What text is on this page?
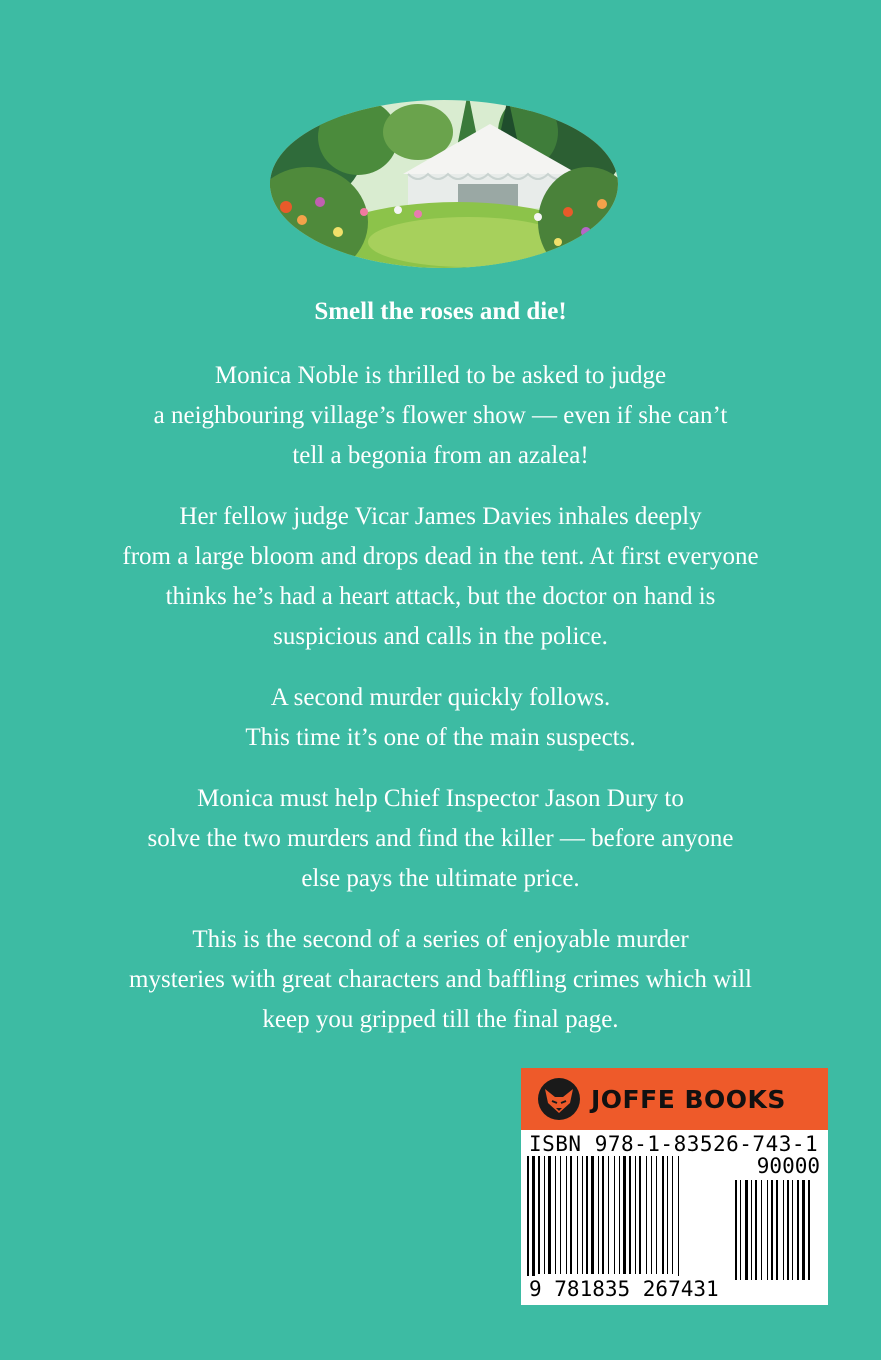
Smell the roses and die!
Monica Noble is thrilled to be asked to judge
a neighbouring village’s flower show — even if she can’t
tell a begonia from an azalea!
Her fellow judge Vicar James Davies inhales deeply
from a large bloom and drops dead in the tent. At first everyone
thinks he’s had a heart attack, but the doctor on hand is
suspicious and calls in the police.
A second murder quickly follows.
This time it’s one of the main suspects.
Monica must help Chief Inspector Jason Dury to
solve the two murders and find the killer — before anyone
else pays the ultimate price.
This is the second of a series of enjoyable murder
mysteries with great characters and baffling crimes which will
keep you gripped till the final page.
JOFFE BOOKS
ISBN 978-1-83526-743-1
90000
9 781835 267431
